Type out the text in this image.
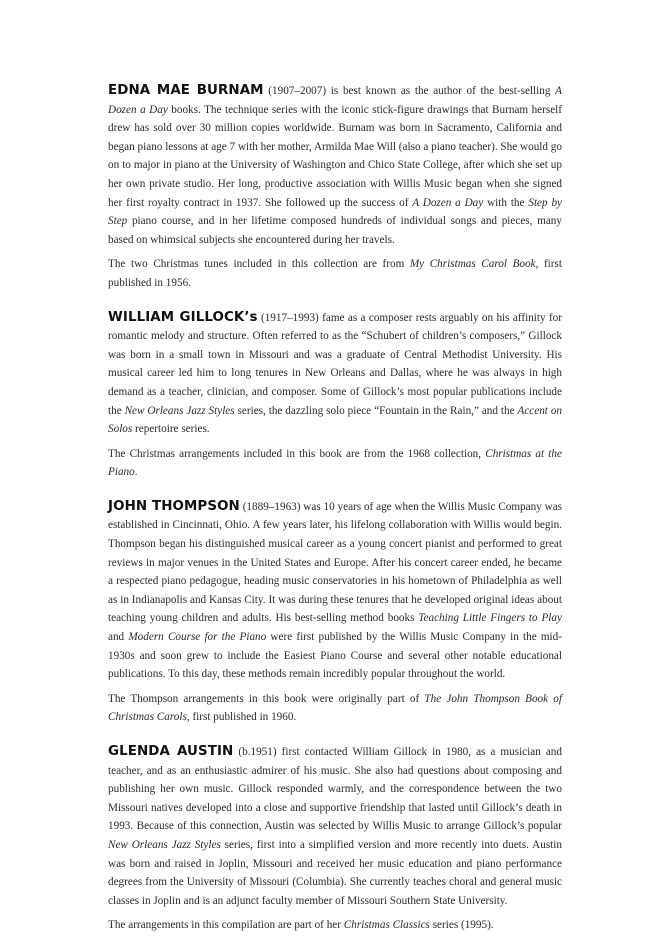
EDNA MAE BURNAM (1907–2007) is best known as the author of the best-selling A Dozen a Day books. The technique series with the iconic stick-figure drawings that Burnam herself drew has sold over 30 million copies worldwide. Burnam was born in Sacramento, California and began piano lessons at age 7 with her mother, Armilda Mae Will (also a piano teacher). She would go on to major in piano at the University of Washington and Chico State College, after which she set up her own private studio. Her long, productive association with Willis Music began when she signed her first royalty contract in 1937. She followed up the success of A Dozen a Day with the Step by Step piano course, and in her lifetime composed hundreds of individual songs and pieces, many based on whimsical subjects she encountered during her travels.

The two Christmas tunes included in this collection are from My Christmas Carol Book, first published in 1956.

WILLIAM GILLOCK’s (1917–1993) fame as a composer rests arguably on his affinity for romantic melody and structure. Often referred to as the “Schubert of children’s composers,” Gillock was born in a small town in Missouri and was a graduate of Central Methodist University. His musical career led him to long tenures in New Orleans and Dallas, where he was always in high demand as a teacher, clinician, and composer. Some of Gillock’s most popular publications include the New Orleans Jazz Styles series, the dazzling solo piece “Fountain in the Rain,” and the Accent on Solos repertoire series.

The Christmas arrangements included in this book are from the 1968 collection, Christmas at the Piano.

JOHN THOMPSON (1889–1963) was 10 years of age when the Willis Music Company was established in Cincinnati, Ohio. A few years later, his lifelong collaboration with Willis would begin. Thompson began his distinguished musical career as a young concert pianist and performed to great reviews in major venues in the United States and Europe. After his concert career ended, he became a respected piano pedagogue, heading music conservatories in his hometown of Philadelphia as well as in Indianapolis and Kansas City. It was during these tenures that he developed original ideas about teaching young children and adults. His best-selling method books Teaching Little Fingers to Play and Modern Course for the Piano were first published by the Willis Music Company in the mid-1930s and soon grew to include the Easiest Piano Course and several other notable educational publications. To this day, these methods remain incredibly popular throughout the world.

The Thompson arrangements in this book were originally part of The John Thompson Book of Christmas Carols, first published in 1960.

GLENDA AUSTIN (b.1951) first contacted William Gillock in 1980, as a musician and teacher, and as an enthusiastic admirer of his music. She also had questions about composing and publishing her own music. Gillock responded warmly, and the correspondence between the two Missouri natives developed into a close and supportive friendship that lasted until Gillock’s death in 1993. Because of this connection, Austin was selected by Willis Music to arrange Gillock’s popular New Orleans Jazz Styles series, first into a simplified version and more recently into duets. Austin was born and raised in Joplin, Missouri and received her music education and piano performance degrees from the University of Missouri (Columbia). She currently teaches choral and general music classes in Joplin and is an adjunct faculty member of Missouri Southern State University.

The arrangements in this compilation are part of her Christmas Classics series (1995).
